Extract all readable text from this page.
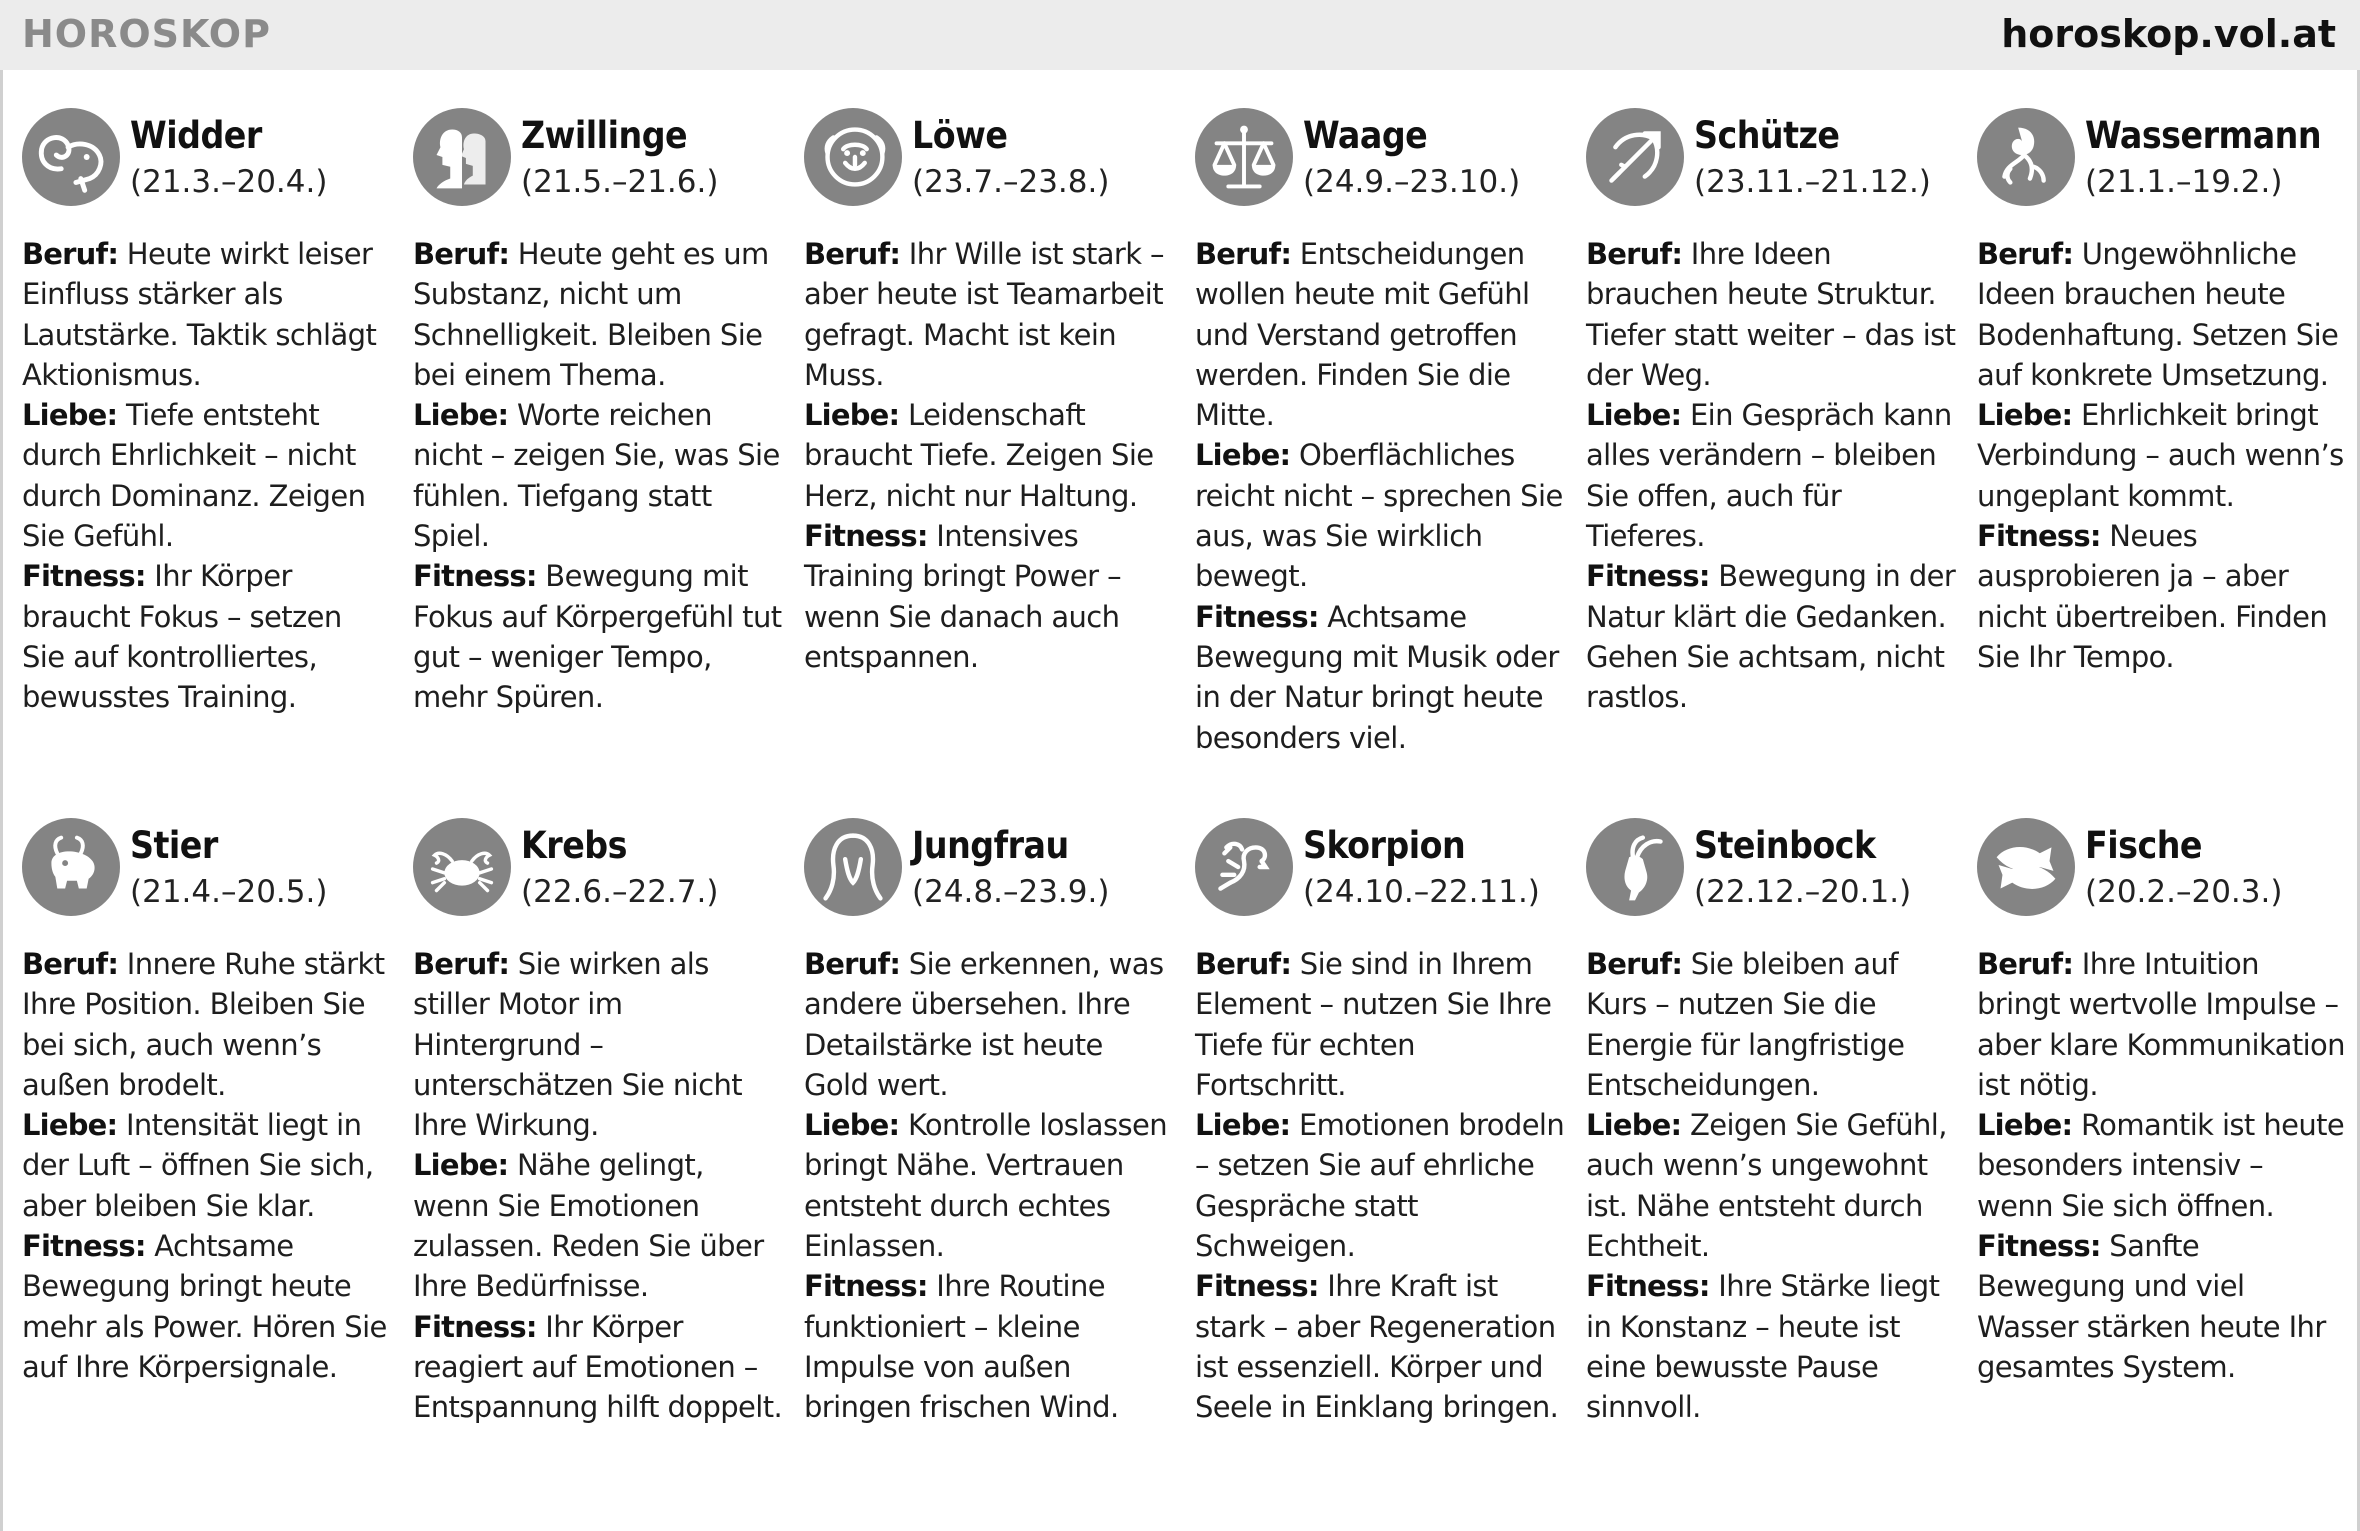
HOROSKOP	horoskop.vol.at
Widder
(21.3.–20.4.)

Beruf: Heute wirkt leiser Einfluss stärker als Lautstärke. Taktik schlägt Aktionismus.

Liebe: Tiefe entsteht durch Ehrlichkeit – nicht durch Dominanz. Zeigen Sie Gefühl.

Fitness: Ihr Körper braucht Fokus – setzen Sie auf kontrolliertes, bewusstes Training.

Zwillinge
(21.5.–21.6.)

Beruf: Heute geht es um Substanz, nicht um Schnelligkeit. Bleiben Sie bei einem Thema.

Liebe: Worte reichen nicht – zeigen Sie, was Sie fühlen. Tiefgang statt Spiel.

Fitness: Bewegung mit Fokus auf Körpergefühl tut gut – weniger Tempo, mehr Spüren.

Löwe
(23.7.–23.8.)

Beruf: Ihr Wille ist stark – aber heute ist Teamarbeit gefragt. Macht ist kein Muss.

Liebe: Leidenschaft braucht Tiefe. Zeigen Sie Herz, nicht nur Haltung.

Fitness: Intensives Training bringt Power – wenn Sie danach auch entspannen.

Waage
(24.9.–23.10.)

Beruf: Entscheidungen wollen heute mit Gefühl und Verstand getroffen werden. Finden Sie die Mitte.

Liebe: Oberflächliches reicht nicht – sprechen Sie aus, was Sie wirklich bewegt.

Fitness: Achtsame Bewegung mit Musik oder in der Natur bringt heute besonders viel.

Schütze
(23.11.–21.12.)

Beruf: Ihre Ideen brauchen heute Struktur. Tiefer statt weiter – das ist der Weg.

Liebe: Ein Gespräch kann alles verändern – bleiben Sie offen, auch für Tieferes.

Fitness: Bewegung in der Natur klärt die Gedanken. Gehen Sie achtsam, nicht rastlos.

Wassermann
(21.1.–19.2.)

Beruf: Ungewöhnliche Ideen brauchen heute Bodenhaftung. Setzen Sie auf konkrete Umsetzung.

Liebe: Ehrlichkeit bringt Verbindung – auch wenn’s ungeplant kommt.

Fitness: Neues ausprobieren ja – aber nicht übertreiben. Finden Sie Ihr Tempo.

Stier
(21.4.–20.5.)

Beruf: Innere Ruhe stärkt Ihre Position. Bleiben Sie bei sich, auch wenn’s außen brodelt.

Liebe: Intensität liegt in der Luft – öffnen Sie sich, aber bleiben Sie klar.

Fitness: Achtsame Bewegung bringt heute mehr als Power. Hören Sie auf Ihre Körpersignale.

Krebs
(22.6.–22.7.)

Beruf: Sie wirken als stiller Motor im Hintergrund – unterschätzen Sie nicht Ihre Wirkung.

Liebe: Nähe gelingt, wenn Sie Emotionen zulassen. Reden Sie über Ihre Bedürfnisse.

Fitness: Ihr Körper reagiert auf Emotionen – Entspannung hilft doppelt.

Jungfrau
(24.8.–23.9.)

Beruf: Sie erkennen, was andere übersehen. Ihre Detailstärke ist heute Gold wert.

Liebe: Kontrolle loslassen bringt Nähe. Vertrauen entsteht durch echtes Einlassen.

Fitness: Ihre Routine funktioniert – kleine Impulse von außen bringen frischen Wind.

Skorpion
(24.10.–22.11.)

Beruf: Sie sind in Ihrem Element – nutzen Sie Ihre Tiefe für echten Fortschritt.

Liebe: Emotionen brodeln – setzen Sie auf ehrliche Gespräche statt Schweigen.

Fitness: Ihre Kraft ist stark – aber Regeneration ist essenziell. Körper und Seele in Einklang bringen.

Steinbock
(22.12.–20.1.)

Beruf: Sie bleiben auf Kurs – nutzen Sie die Energie für langfristige Entscheidungen.

Liebe: Zeigen Sie Gefühl, auch wenn’s ungewohnt ist. Nähe entsteht durch Echtheit.

Fitness: Ihre Stärke liegt in Konstanz – heute ist eine bewusste Pause sinnvoll.

Fische
(20.2.–20.3.)

Beruf: Ihre Intuition bringt wertvolle Impulse – aber klare Kommunikation ist nötig.

Liebe: Romantik ist heute besonders intensiv – wenn Sie sich öffnen.

Fitness: Sanfte Bewegung und viel Wasser stärken heute Ihr gesamtes System.
